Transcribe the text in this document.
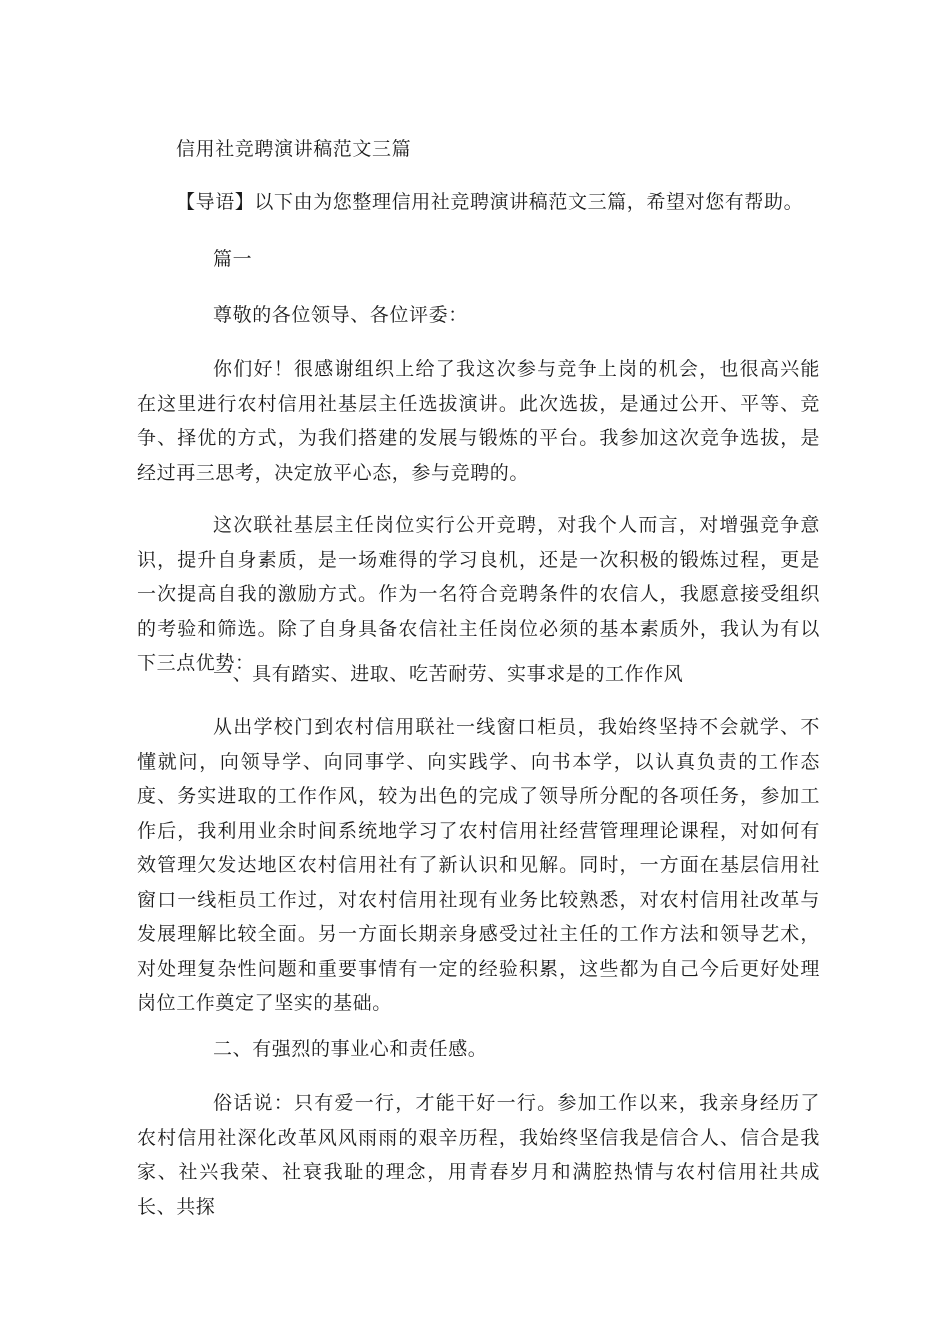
信用社竞聘演讲稿范文三篇
【导语】以下由为您整理信用社竞聘演讲稿范文三篇，希望对您有帮助。
篇一
尊敬的各位领导、各位评委：
你们好！很感谢组织上给了我这次参与竞争上岗的机会，也很高兴能在这里进行农村信用社基层主任选拔演讲。此次选拔，是通过公开、平等、竞争、择优的方式，为我们搭建的发展与锻炼的平台。我参加这次竞争选拔，是经过再三思考，决定放平心态，参与竞聘的。
这次联社基层主任岗位实行公开竞聘，对我个人而言，对增强竞争意识，提升自身素质，是一场难得的学习良机，还是一次积极的锻炼过程，更是一次提高自我的激励方式。作为一名符合竞聘条件的农信人，我愿意接受组织的考验和筛选。除了自身具备农信社主任岗位必须的基本素质外，我认为有以下三点优势：
一、具有踏实、进取、吃苦耐劳、实事求是的工作作风
从出学校门到农村信用联社一线窗口柜员，我始终坚持不会就学、不懂就问，向领导学、向同事学、向实践学、向书本学，以认真负责的工作态度、务实进取的工作作风，较为出色的完成了领导所分配的各项任务，参加工作后，我利用业余时间系统地学习了农村信用社经营管理理论课程，对如何有效管理欠发达地区农村信用社有了新认识和见解。同时，一方面在基层信用社窗口一线柜员工作过，对农村信用社现有业务比较熟悉，对农村信用社改革与发展理解比较全面。另一方面长期亲身感受过社主任的工作方法和领导艺术，对处理复杂性问题和重要事情有一定的经验积累，这些都为自己今后更好处理岗位工作奠定了坚实的基础。
二、有强烈的事业心和责任感。
俗话说：只有爱一行，才能干好一行。参加工作以来，我亲身经历了农村信用社深化改革风风雨雨的艰辛历程，我始终坚信我是信合人、信合是我家、社兴我荣、社衰我耻的理念，用青春岁月和满腔热情与农村信用社共成长、共探
